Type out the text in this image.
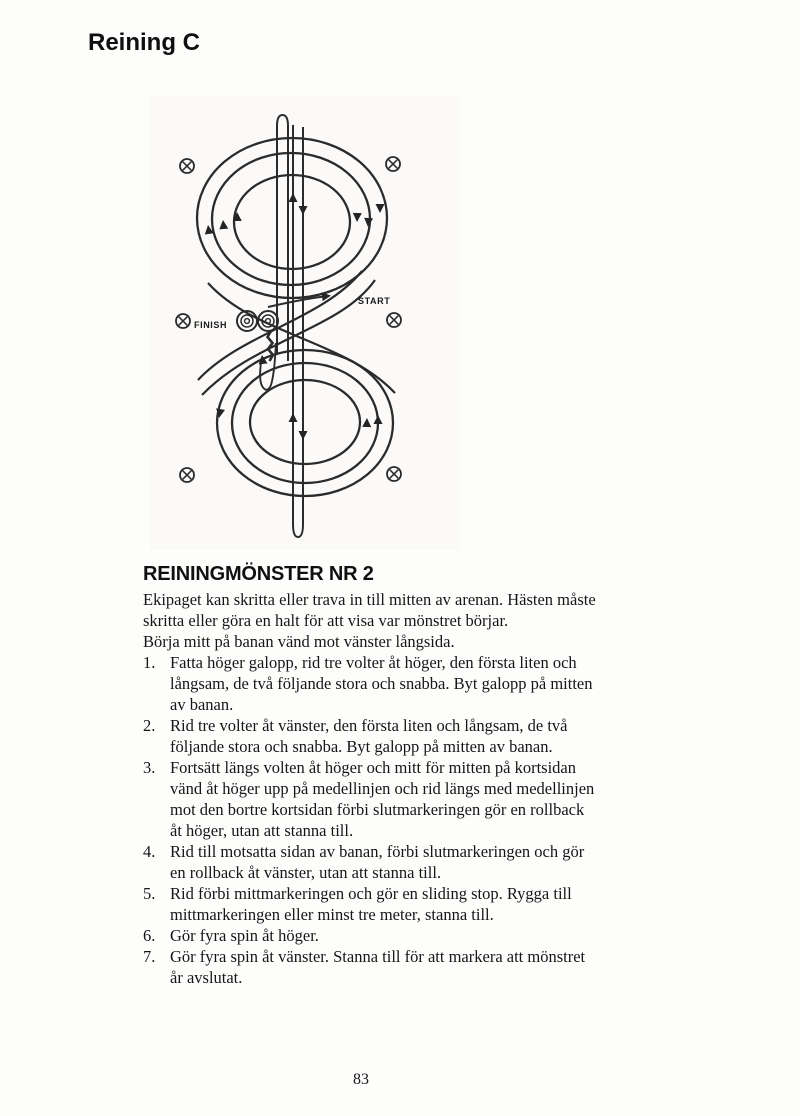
Reining C
START
FINISH
REININGMÖNSTER NR 2

Ekipaget kan skritta eller trava in till mitten av arenan. Hästen måste skritta eller göra en halt för att visa var mönstret börjar.

Börja mitt på banan vänd mot vänster långsida.

1. Fatta höger galopp, rid tre volter åt höger, den första liten och långsam, de två följande stora och snabba. Byt galopp på mitten av banan.
2. Rid tre volter åt vänster, den första liten och långsam, de två följande stora och snabba. Byt galopp på mitten av banan.
3. Fortsätt längs volten åt höger och mitt för mitten på kortsidan vänd åt höger upp på medellinjen och rid längs med medellinjen mot den bortre kortsidan förbi slutmarkeringen gör en rollback åt höger, utan att stanna till.
4. Rid till motsatta sidan av banan, förbi slutmarkeringen och gör en rollback åt vänster, utan att stanna till.
5. Rid förbi mittmarkeringen och gör en sliding stop. Rygga till mittmarkeringen eller minst tre meter, stanna till.
6. Gör fyra spin åt höger.
7. Gör fyra spin åt vänster. Stanna till för att markera att mönstret år avslutat.
83
